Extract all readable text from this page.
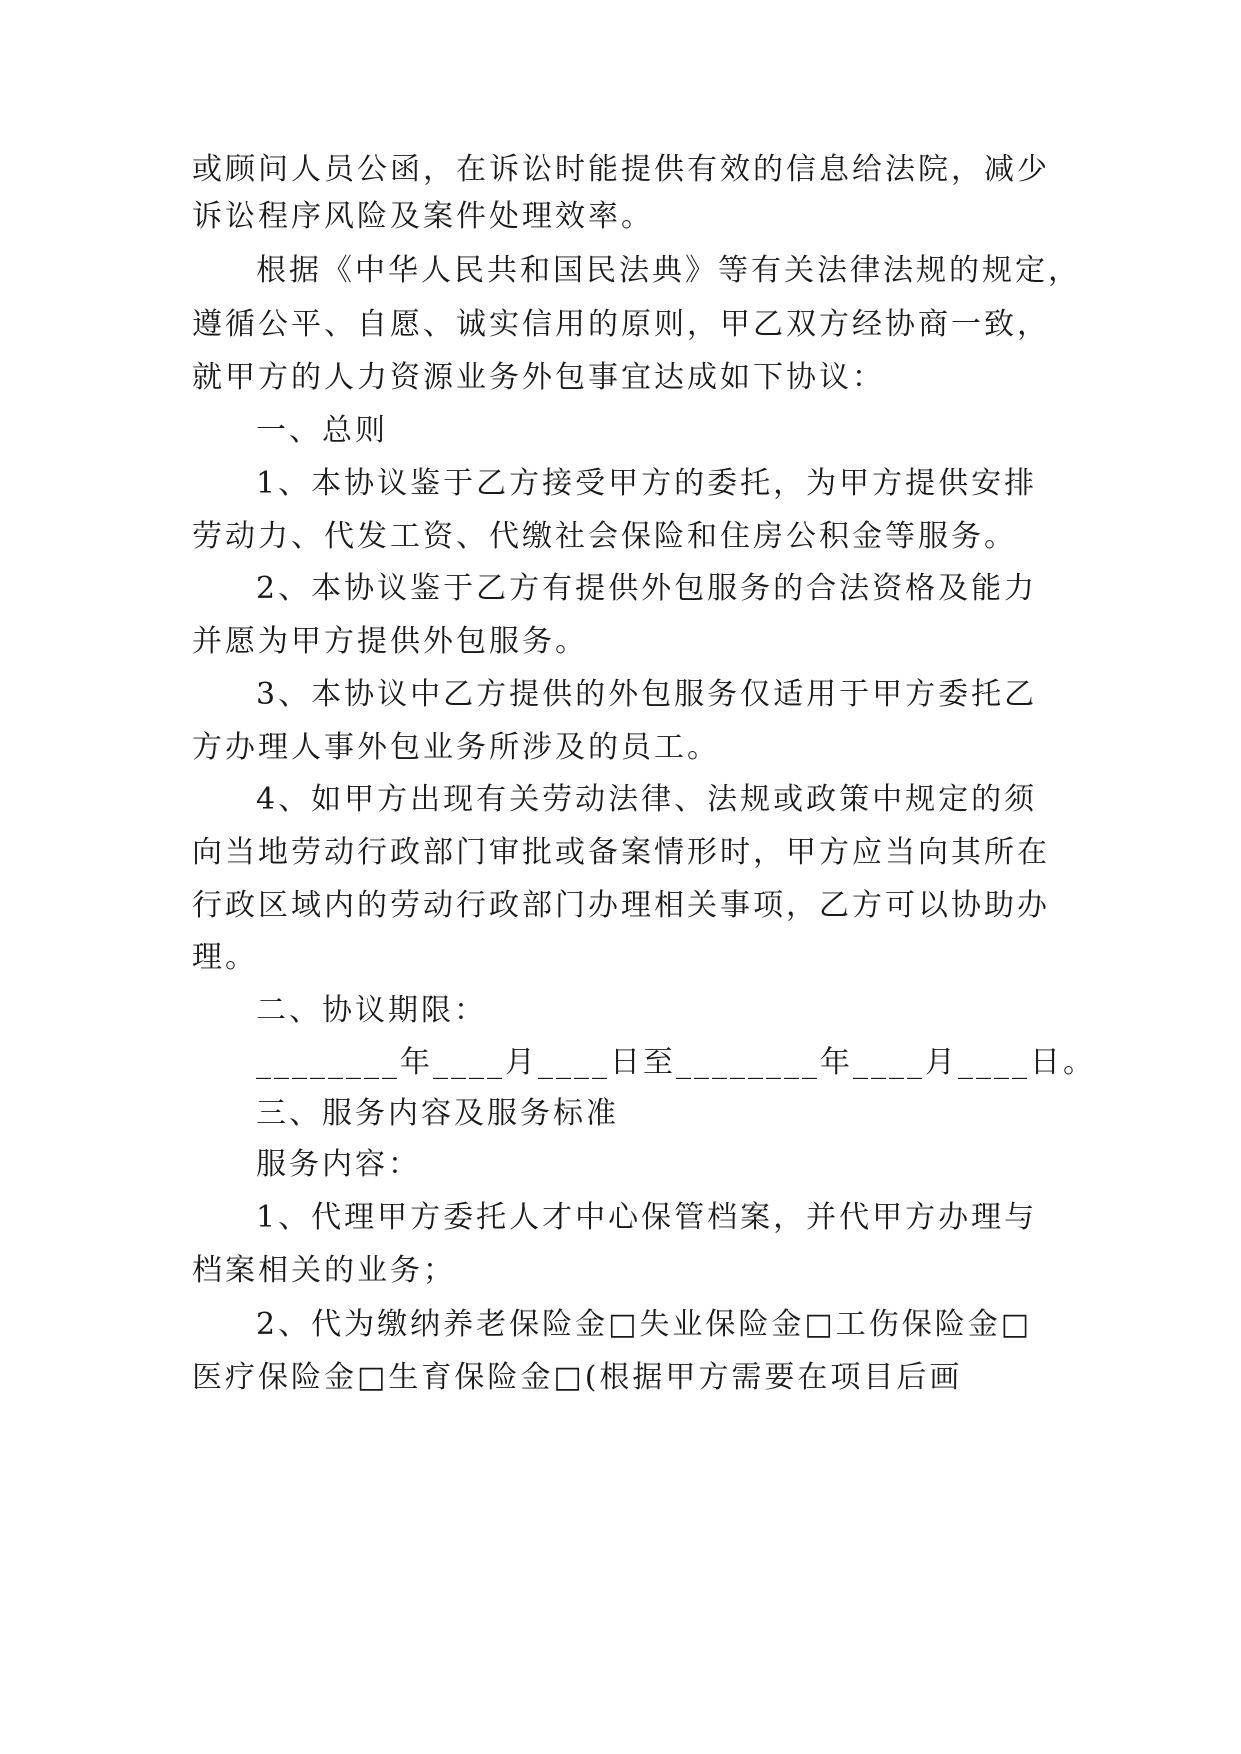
或顾问人员公函，在诉讼时能提供有效的信息给法院，减少
诉讼程序风险及案件处理效率。
根据《中华人民共和国民法典》等有关法律法规的规定，
遵循公平、自愿、诚实信用的原则，甲乙双方经协商一致，
就甲方的人力资源业务外包事宜达成如下协议：
一、总则
1、本协议鉴于乙方接受甲方的委托，为甲方提供安排
劳动力、代发工资、代缴社会保险和住房公积金等服务。
2、本协议鉴于乙方有提供外包服务的合法资格及能力
并愿为甲方提供外包服务。
3、本协议中乙方提供的外包服务仅适用于甲方委托乙
方办理人事外包业务所涉及的员工。
4、如甲方出现有关劳动法律、法规或政策中规定的须
向当地劳动行政部门审批或备案情形时，甲方应当向其所在
行政区域内的劳动行政部门办理相关事项，乙方可以协助办
理。
二、协议期限：
________年____月____日至________年____月____日。
三、服务内容及服务标准
服务内容：
1、代理甲方委托人才中心保管档案，并代甲方办理与
档案相关的业务；
2、代为缴纳养老保险金□失业保险金□工伤保险金□
医疗保险金□生育保险金□(根据甲方需要在项目后画
